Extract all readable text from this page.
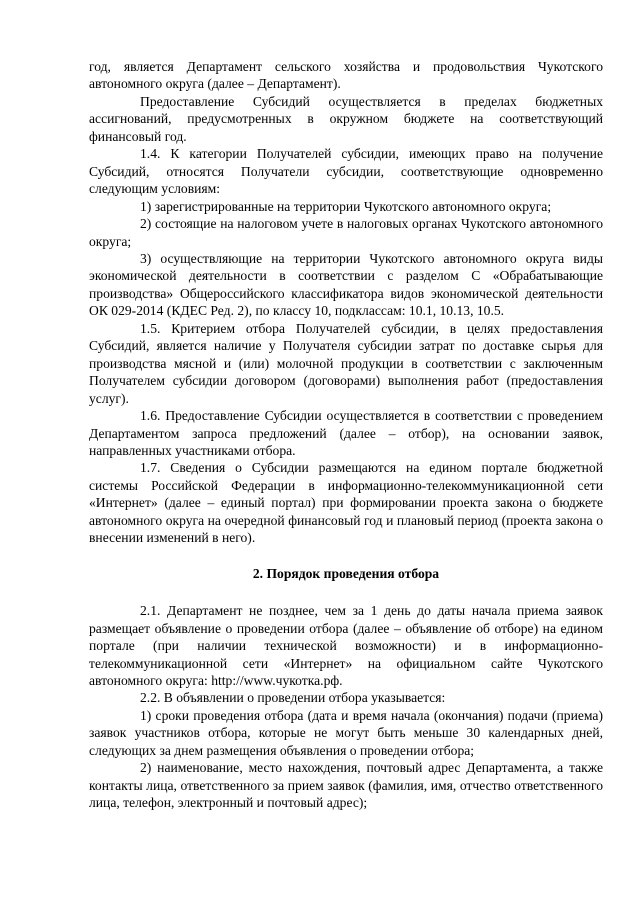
год, является Департамент сельского хозяйства и продовольствия Чукотского автономного округа (далее – Департамент).

Предоставление Субсидий осуществляется в пределах бюджетных ассигнований, предусмотренных в окружном бюджете на соответствующий финансовый год.

1.4. К категории Получателей субсидии, имеющих право на получение Субсидий, относятся Получатели субсидии, соответствующие одновременно следующим условиям:

1) зарегистрированные на территории Чукотского автономного округа;

2) состоящие на налоговом учете в налоговых органах Чукотского автономного округа;

3) осуществляющие на территории Чукотского автономного округа виды экономической деятельности в соответствии с разделом С «Обрабатывающие производства» Общероссийского классификатора видов экономической деятельности ОК 029-2014 (КДЕС Ред. 2), по классу 10, подклассам: 10.1, 10.13, 10.5.

1.5. Критерием отбора Получателей субсидии, в целях предоставления Субсидий, является наличие у Получателя субсидии затрат по доставке сырья для производства мясной и (или) молочной продукции в соответствии с заключенным Получателем субсидии договором (договорами) выполнения работ (предоставления услуг).

1.6. Предоставление Субсидии осуществляется в соответствии с проведением Департаментом запроса предложений (далее – отбор), на основании заявок, направленных участниками отбора.

1.7. Сведения о Субсидии размещаются на едином портале бюджетной системы Российской Федерации в информационно-телекоммуникационной сети «Интернет» (далее – единый портал) при формировании проекта закона о бюджете автономного округа на очередной финансовый год и плановый период (проекта закона о внесении изменений в него).

2. Порядок проведения отбора

2.1. Департамент не позднее, чем за 1 день до даты начала приема заявок размещает объявление о проведении отбора (далее – объявление об отборе) на едином портале (при наличии технической возможности) и в информационно-телекоммуникационной сети «Интернет» на официальном сайте Чукотского автономного округа: http://www.чукотка.рф.

2.2. В объявлении о проведении отбора указывается:

1) сроки проведения отбора (дата и время начала (окончания) подачи (приема) заявок участников отбора, которые не могут быть меньше 30 календарных дней, следующих за днем размещения объявления о проведении отбора;

2) наименование, место нахождения, почтовый адрес Департамента, а также контакты лица, ответственного за прием заявок (фамилия, имя, отчество ответственного лица, телефон, электронный и почтовый адрес);
